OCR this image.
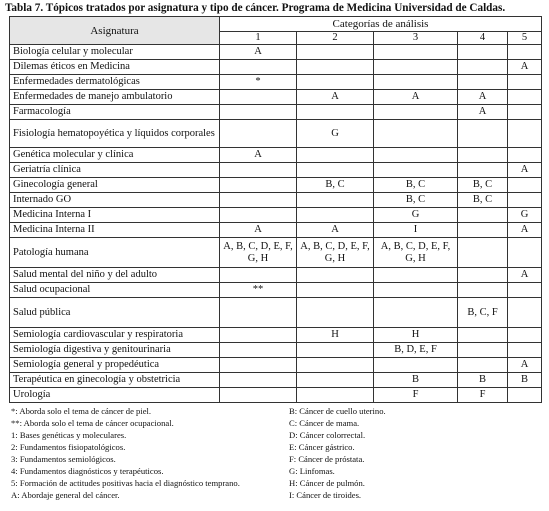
Tabla 7. Tópicos tratados por asignatura y tipo de cáncer. Programa de Medicina Universidad de Caldas.
Asignatura	Categorías de análisis				
	1	2	3	4	5
Biología celular y molecular	A				
Dilemas éticos en Medicina					A
Enfermedades dermatológicas	*				
Enfermedades de manejo ambulatorio		A	A	A	
Farmacología				A	
Fisiología hematopoyética y líquidos corporales		G			
Genética molecular y clínica	A				
Geriatría clínica					A
Ginecología general		B, C	B, C	B, C	
Internado GO			B, C	B, C	
Medicina Interna I			G		G
Medicina Interna II	A	A	I		A
Patología humana	A, B, C, D, E, F, G, H	A, B, C, D, E, F, G, H	A, B, C, D, E, F, G, H		
Salud mental del niño y del adulto					A
Salud ocupacional	**				
Salud pública				B, C, F	
Semiología cardiovascular y respiratoria		H	H		
Semiología digestiva y genitourinaria			B, D, E, F		
Semiología general y propedéutica					A
Terapéutica en ginecología y obstetricia			B	B	B
Urología			F	F	
*: Aborda solo el tema de cáncer de piel.
**: Aborda solo el tema de cáncer ocupacional.
1: Bases genéticas y moleculares.
2: Fundamentos fisiopatológicos.
3: Fundamentos semiológicos.
4: Fundamentos diagnósticos y terapéuticos.
5: Formación de actitudes positivas hacia el diagnóstico temprano.
A: Abordaje general del cáncer.
B: Cáncer de cuello uterino.
C: Cáncer de mama.
D: Cáncer colorrectal.
E: Cáncer gástrico.
F: Cáncer de próstata.
G: Linfomas.
H: Cáncer de pulmón.
I: Cáncer de tiroides.
